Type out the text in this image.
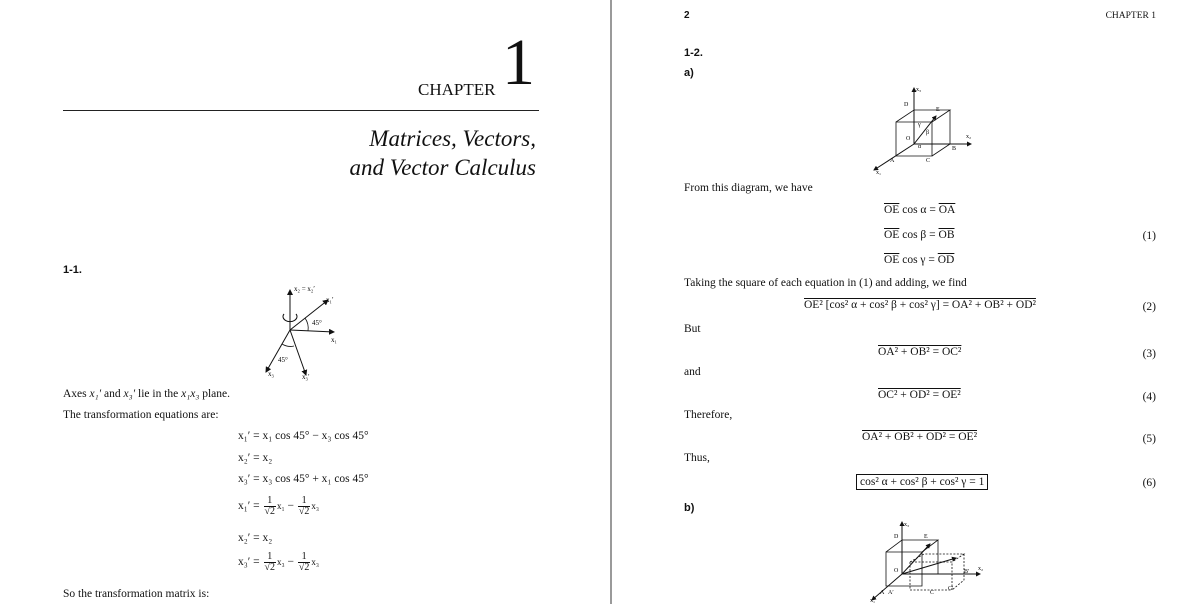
CHAPTER 1
Matrices, Vectors,
and Vector Calculus
1-1.
x₂ = x₂′
x₁′
x₁
45°
45°
x₃	x₃′
Axes x₁′ and x₃′ lie in the x₁x₃ plane.
The transformation equations are:
x₁′ = x₁ cos 45° − x₃ cos 45°
x₂′ = x₂
x₃′ = x₃ cos 45° + x₁ cos 45°
$x_1' = \frac{1}{√2} x_1 - \frac{1}{√2} x_3$
x₂′ = x₂
$x_3' = \frac{1}{√2} x_3 - \frac{1}{√2} x_3$
So the transformation matrix is:
2	CHAPTER 1
1-2.
a)
x₃
D
E
γ
β
O
α
x₂
B
A	C
x₁
From this diagram, we have
$\overline{OE}$ $\cos \alpha = \overline{OA}$
$\overline{OE}$ $\cos \beta = \overline{OB}$
$\overline{OE}$ $\cos \gamma = \overline{OD}$
(1)
Taking the square of each equation in (1) and adding, we find
OE² [cos² α + cos² β + cos² γ] = OA² + OB² + OD²	(2)
But
OA² + OB² = OC²	(3)
and
OC² + OD² = OE²	(4)
Therefore,
OA² + OB² + OD² = OE²	(5)
Thus,
cos² α + cos² β + cos² γ = 1	(6)
b)
x₃
D	E
O	B′ x₂
A A′	C
C′
x₁
